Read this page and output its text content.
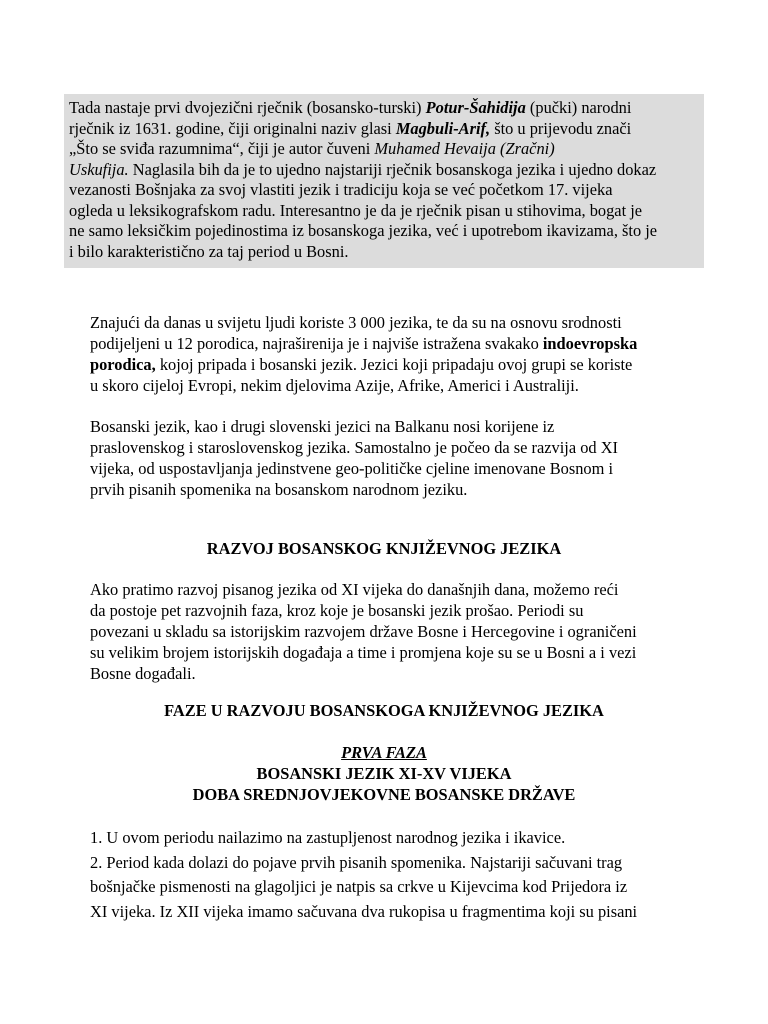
Tada nastaje prvi dvojezični rječnik (bosansko-turski) Potur-Šahidija (pučki) narodni
rječnik iz 1631. godine, čiji originalni naziv glasi Magbuli-Arif, što u prijevodu znači
„Što se sviđa razumnima“, čiji je autor čuveni Muhamed Hevaija (Zračni)
Uskufija. Naglasila bih da je to ujedno najstariji rječnik bosanskoga jezika i ujedno dokaz
vezanosti Bošnjaka za svoj vlastiti jezik i tradiciju koja se već početkom 17. vijeka
ogleda u leksikografskom radu. Interesantno je da je rječnik pisan u stihovima, bogat je
ne samo leksičkim pojedinostima iz bosanskoga jezika, već i upotrebom ikavizama, što je
i bilo karakteristično za taj period u Bosni.
Znajući da danas u svijetu ljudi koriste 3 000 jezika, te da su na osnovu srodnosti
podijeljeni u 12 porodica, najraširenija je i najviše istražena svakako indoevropska
porodica, kojoj pripada i bosanski jezik. Jezici koji pripadaju ovoj grupi se koriste
u skoro cijeloj Evropi, nekim djelovima Azije, Afrike, Americi i Australiji.
Bosanski jezik, kao i drugi slovenski jezici na Balkanu nosi korijene iz
praslovenskog i staroslovenskog jezika. Samostalno je počeo da se razvija od XI
vijeka, od uspostavljanja jedinstvene geo-političke cjeline imenovane Bosnom i
prvih pisanih spomenika na bosanskom narodnom jeziku.
RAZVOJ BOSANSKOG KNJIŽEVNOG JEZIKA
Ako pratimo razvoj pisanog jezika od XI vijeka do današnjih dana, možemo reći
da postoje pet razvojnih faza, kroz koje je bosanski jezik prošao. Periodi su
povezani u skladu sa istorijskim razvojem države Bosne i Hercegovine i ograničeni
su velikim brojem istorijskih događaja a time i promjena koje su se u Bosni a i vezi
Bosne događali.
FAZE U RAZVOJU BOSANSKOGA KNJIŽEVNOG JEZIKA
PRVA FAZA
BOSANSKI JEZIK XI-XV VIJEKA
DOBA SREDNJOVJEKOVNE BOSANSKE DRŽAVE
1. U ovom periodu nailazimo na zastupljenost narodnog jezika i ikavice.
2. Period kada dolazi do pojave prvih pisanih spomenika. Najstariji sačuvani trag
bošnjačke pismenosti na glagoljici je natpis sa crkve u Kijevcima kod Prijedora iz
XI vijeka. Iz XII vijeka imamo sačuvana dva rukopisa u fragmentima koji su pisani
